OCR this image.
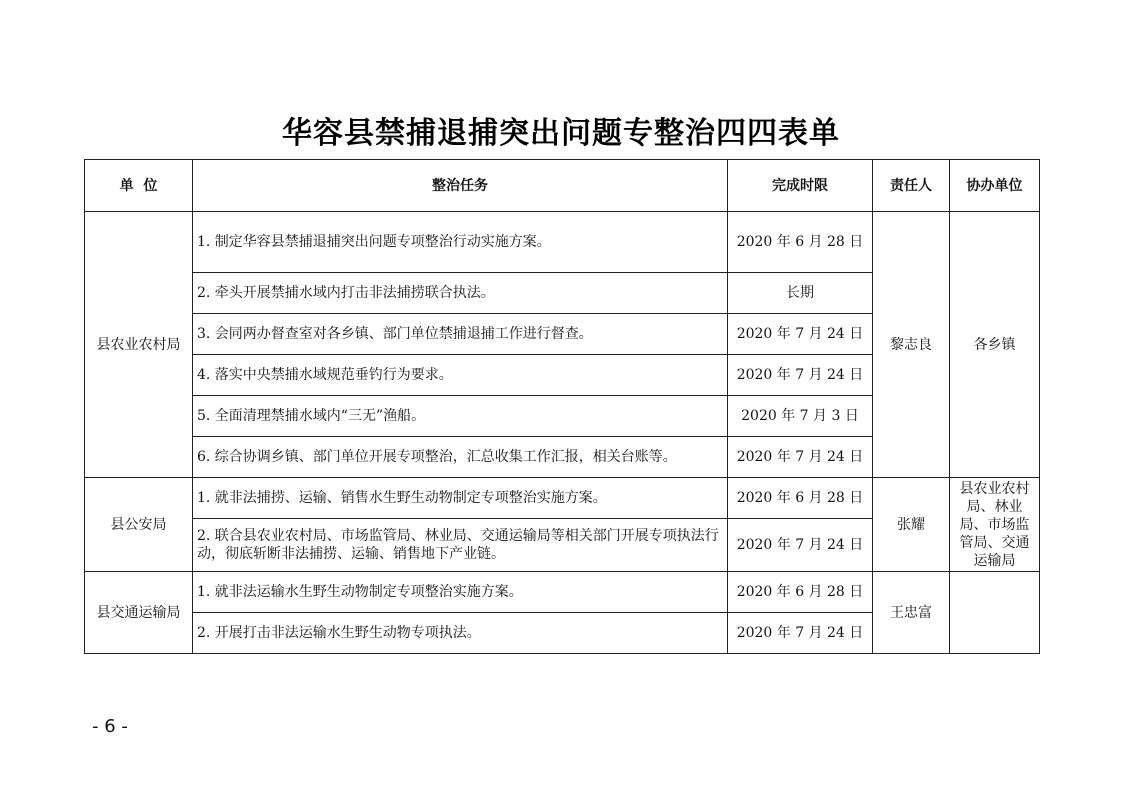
华容县禁捕退捕突出问题专整治四四表单
单  位	整治任务	完成时限	责任人	协办单位
县农业农村局	1. 制定华容县禁捕退捕突出问题专项整治行动实施方案。	2020 年 6 月 28 日	黎志良	各乡镇
	2. 牵头开展禁捕水域内打击非法捕捞联合执法。	长期		
	3. 会同两办督查室对各乡镇、部门单位禁捕退捕工作进行督查。	2020 年 7 月 24 日		
	4. 落实中央禁捕水域规范垂钓行为要求。	2020 年 7 月 24 日		
	5. 全面清理禁捕水域内“三无”渔船。	2020 年 7 月 3 日		
	6. 综合协调乡镇、部门单位开展专项整治，汇总收集工作汇报，相关台账等。	2020 年 7 月 24 日		
县公安局	1. 就非法捕捞、运输、销售水生野生动物制定专项整治实施方案。	2020 年 6 月 28 日	张耀	县农业农村局、林业局、市场监管局、交通运输局
	2. 联合县农业农村局、市场监管局、林业局、交通运输局等相关部门开展专项执法行动，彻底斩断非法捕捞、运输、销售地下产业链。	2020 年 7 月 24 日		
县交通运输局	1. 就非法运输水生野生动物制定专项整治实施方案。	2020 年 6 月 28 日	王忠富	
	2. 开展打击非法运输水生野生动物专项执法。	2020 年 7 月 24 日		
- 6 -
